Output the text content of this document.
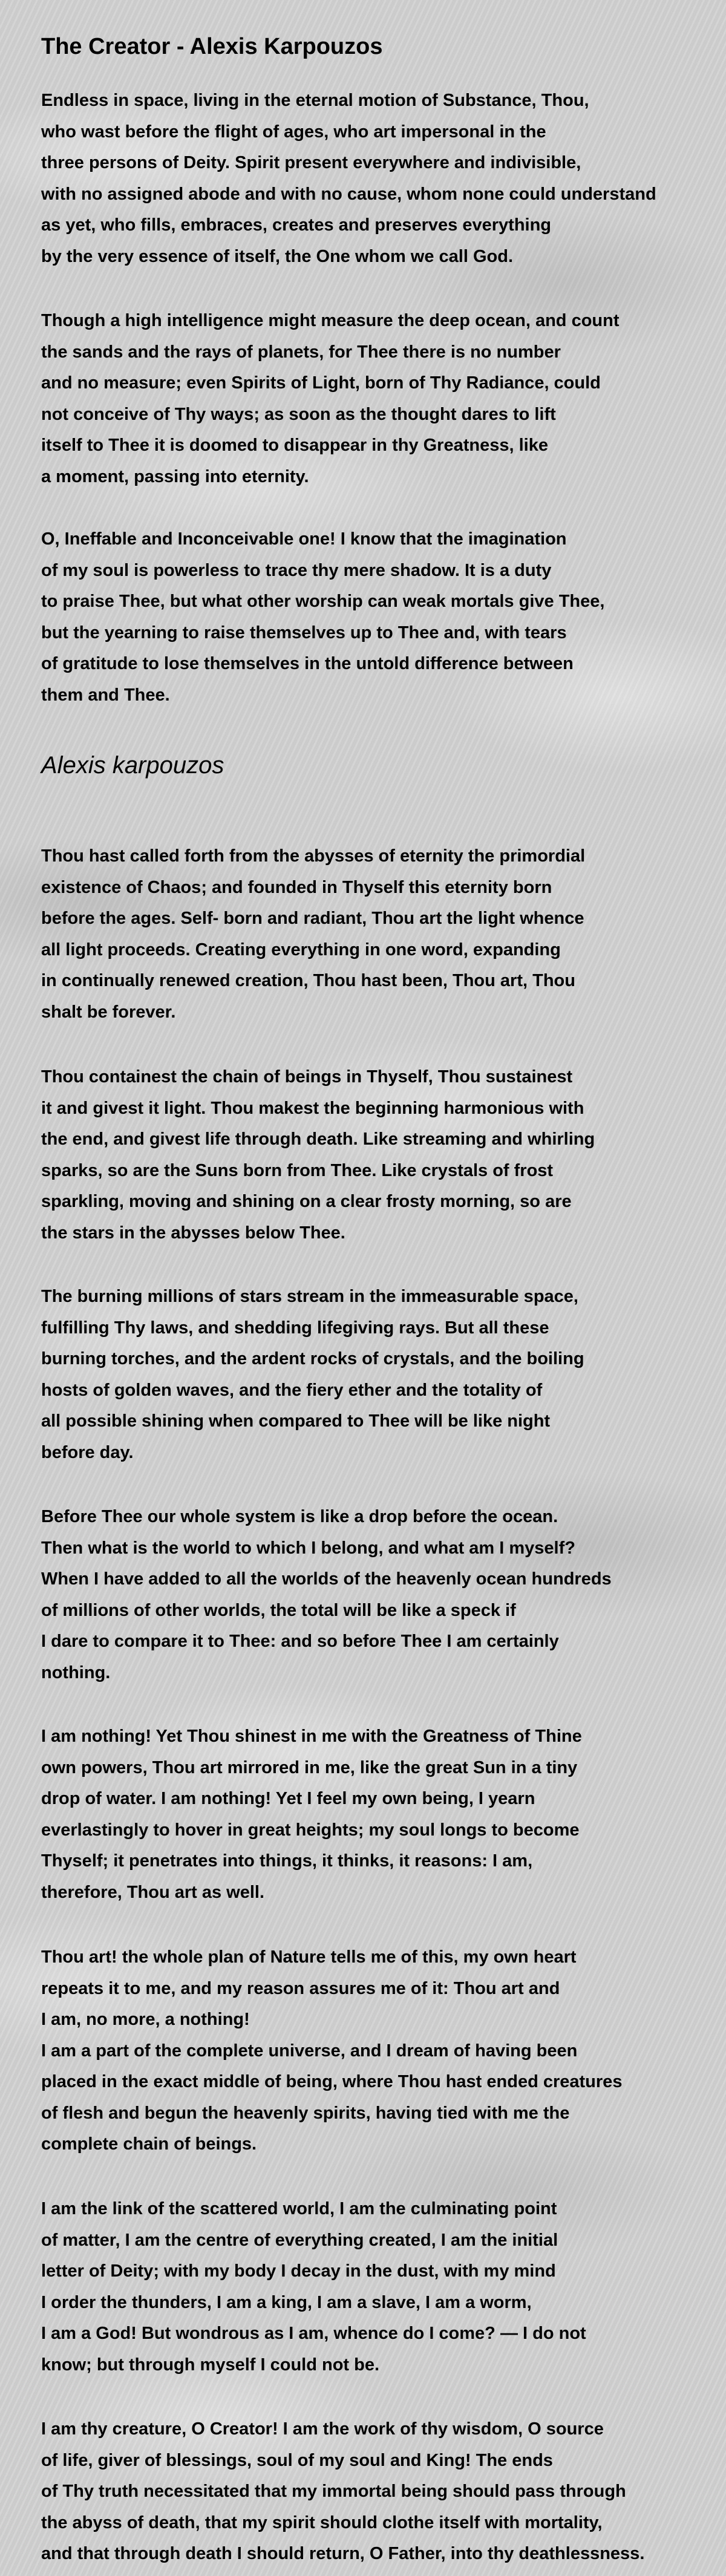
The Creator - Alexis Karpouzos

Endless in space, living in the eternal motion of Substance, Thou,
who wast before the flight of ages, who art impersonal in the
three persons of Deity. Spirit present everywhere and indivisible,
with no assigned abode and with no cause, whom none could understand
as yet, who fills, embraces, creates and preserves everything
by the very essence of itself, the One whom we call God.

Though a high intelligence might measure the deep ocean, and count
the sands and the rays of planets, for Thee there is no number
and no measure; even Spirits of Light, born of Thy Radiance, could
not conceive of Thy ways; as soon as the thought dares to lift
itself to Thee it is doomed to disappear in thy Greatness, like
a moment, passing into eternity.

O, Ineffable and Inconceivable one! I know that the imagination
of my soul is powerless to trace thy mere shadow. It is a duty
to praise Thee, but what other worship can weak mortals give Thee,
but the yearning to raise themselves up to Thee and, with tears
of gratitude to lose themselves in the untold difference between
them and Thee.

Alexis karpouzos

Thou hast called forth from the abysses of eternity the primordial
existence of Chaos; and founded in Thyself this eternity born
before the ages. Self- born and radiant, Thou art the light whence
all light proceeds. Creating everything in one word, expanding
in continually renewed creation, Thou hast been, Thou art, Thou
shalt be forever.

Thou containest the chain of beings in Thyself, Thou sustainest
it and givest it light. Thou makest the beginning harmonious with
the end, and givest life through death. Like streaming and whirling
sparks, so are the Suns born from Thee. Like crystals of frost
sparkling, moving and shining on a clear frosty morning, so are
the stars in the abysses below Thee.

The burning millions of stars stream in the immeasurable space,
fulfilling Thy laws, and shedding lifegiving rays. But all these
burning torches, and the ardent rocks of crystals, and the boiling
hosts of golden waves, and the fiery ether and the totality of
all possible shining when compared to Thee will be like night
before day.

Before Thee our whole system is like a drop before the ocean.
Then what is the world to which I belong, and what am I myself?
When I have added to all the worlds of the heavenly ocean hundreds
of millions of other worlds, the total will be like a speck if
I dare to compare it to Thee: and so before Thee I am certainly
nothing.

I am nothing! Yet Thou shinest in me with the Greatness of Thine
own powers, Thou art mirrored in me, like the great Sun in a tiny
drop of water. I am nothing! Yet I feel my own being, I yearn
everlastingly to hover in great heights; my soul longs to become
Thyself; it penetrates into things, it thinks, it reasons: I am,
therefore, Thou art as well.

Thou art! the whole plan of Nature tells me of this, my own heart
repeats it to me, and my reason assures me of it: Thou art and
I am, no more, a nothing!
I am a part of the complete universe, and I dream of having been
placed in the exact middle of being, where Thou hast ended creatures
of flesh and begun the heavenly spirits, having tied with me the
complete chain of beings.

I am the link of the scattered world, I am the culminating point
of matter, I am the centre of everything created, I am the initial
letter of Deity; with my body I decay in the dust, with my mind
I order the thunders, I am a king, I am a slave, I am a worm,
I am a God! But wondrous as I am, whence do I come? — I do not
know; but through myself I could not be.

I am thy creature, O Creator! I am the work of thy wisdom, O source
of life, giver of blessings, soul of my soul and King! The ends
of Thy truth necessitated that my immortal being should pass through
the abyss of death, that my spirit should clothe itself with mortality,
and that through death I should return, O Father, into thy deathlessness.
